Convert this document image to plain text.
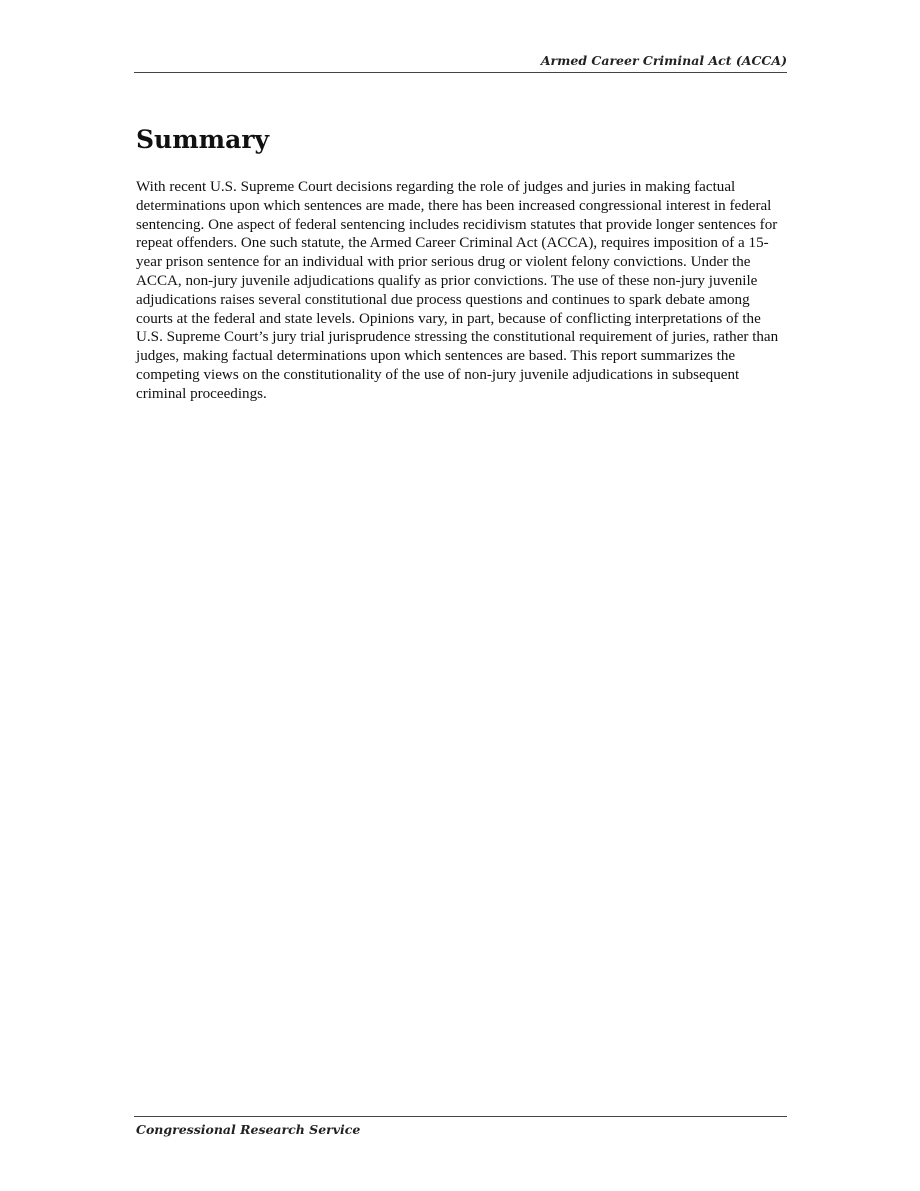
Armed Career Criminal Act (ACCA)
Summary

With recent U.S. Supreme Court decisions regarding the role of judges and juries in making factual determinations upon which sentences are made, there has been increased congressional interest in federal sentencing. One aspect of federal sentencing includes recidivism statutes that provide longer sentences for repeat offenders. One such statute, the Armed Career Criminal Act (ACCA), requires imposition of a 15-year prison sentence for an individual with prior serious drug or violent felony convictions. Under the ACCA, non-jury juvenile adjudications qualify as prior convictions. The use of these non-jury juvenile adjudications raises several constitutional due process questions and continues to spark debate among courts at the federal and state levels. Opinions vary, in part, because of conflicting interpretations of the U.S. Supreme Court’s jury trial jurisprudence stressing the constitutional requirement of juries, rather than judges, making factual determinations upon which sentences are based. This report summarizes the competing views on the constitutionality of the use of non-jury juvenile adjudications in subsequent criminal proceedings.

Congressional Research Service
